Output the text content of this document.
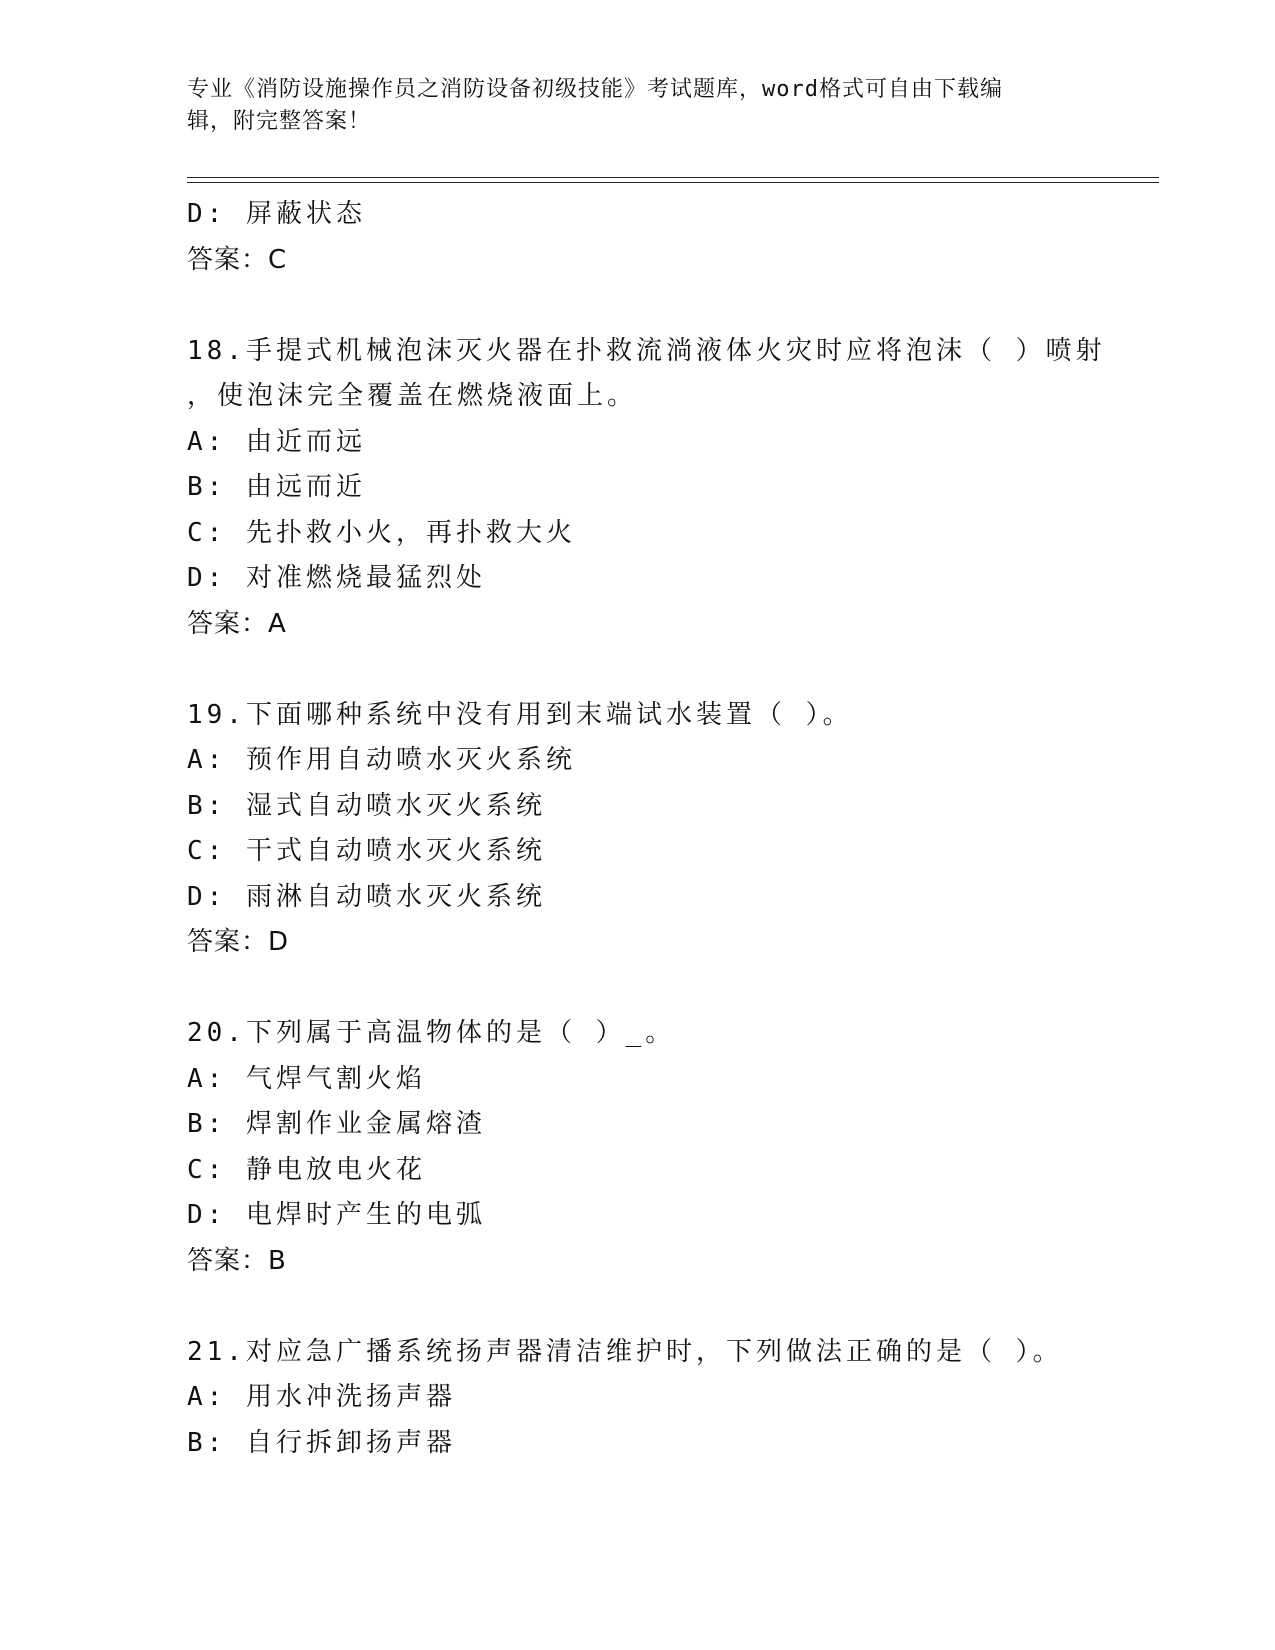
专业《消防设施操作员之消防设备初级技能》考试题库，word格式可自由下载编
辑，附完整答案！
D: 屏蔽状态
答案：C
18.手提式机械泡沫灭火器在扑救流淌液体火灾时应将泡沫（ ）喷射
，使泡沫完全覆盖在燃烧液面上。
A: 由近而远
B: 由远而近
C: 先扑救小火，再扑救大火
D: 对准燃烧最猛烈处
答案：A
19.下面哪种系统中没有用到末端试水装置（ ）。
A: 预作用自动喷水灭火系统
B: 湿式自动喷水灭火系统
C: 干式自动喷水灭火系统
D: 雨淋自动喷水灭火系统
答案：D
20.下列属于高温物体的是（ ）_。
A: 气焊气割火焰
B: 焊割作业金属熔渣
C: 静电放电火花
D: 电焊时产生的电弧
答案：B
21.对应急广播系统扬声器清洁维护时，下列做法正确的是（ ）。
A: 用水冲洗扬声器
B: 自行拆卸扬声器
